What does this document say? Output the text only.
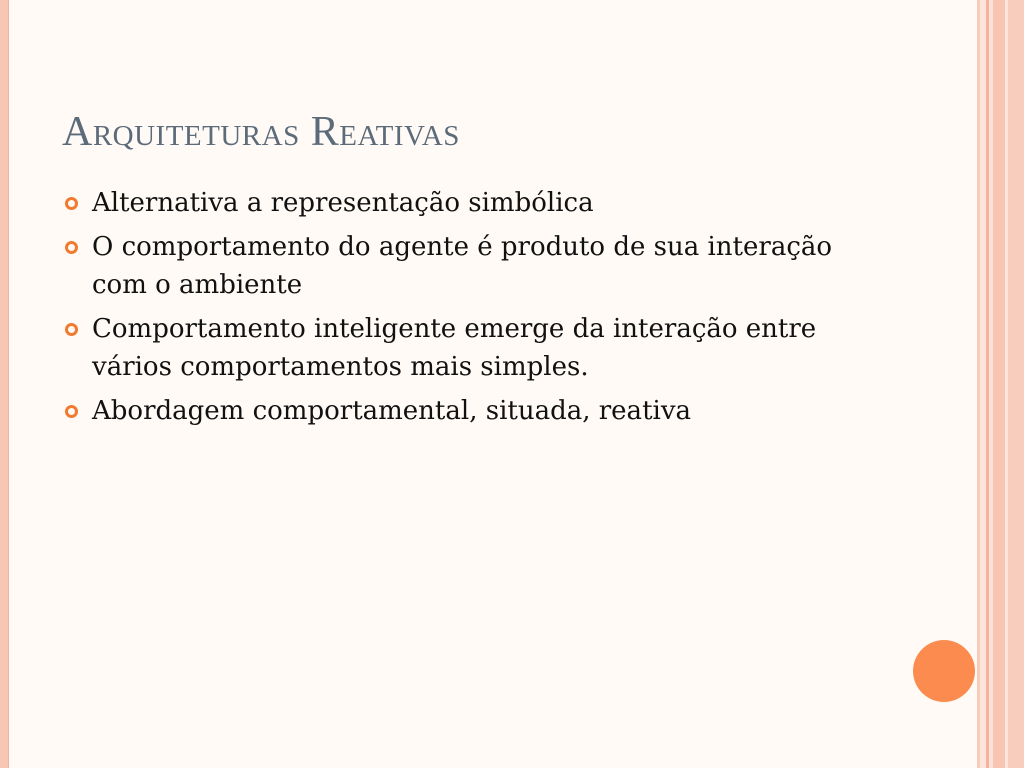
Arquiteturas Reativas
Alternativa a representação simbólica
O comportamento do agente é produto de sua interação com o ambiente
Comportamento inteligente emerge da interação entre vários comportamentos mais simples.
Abordagem comportamental, situada, reativa
